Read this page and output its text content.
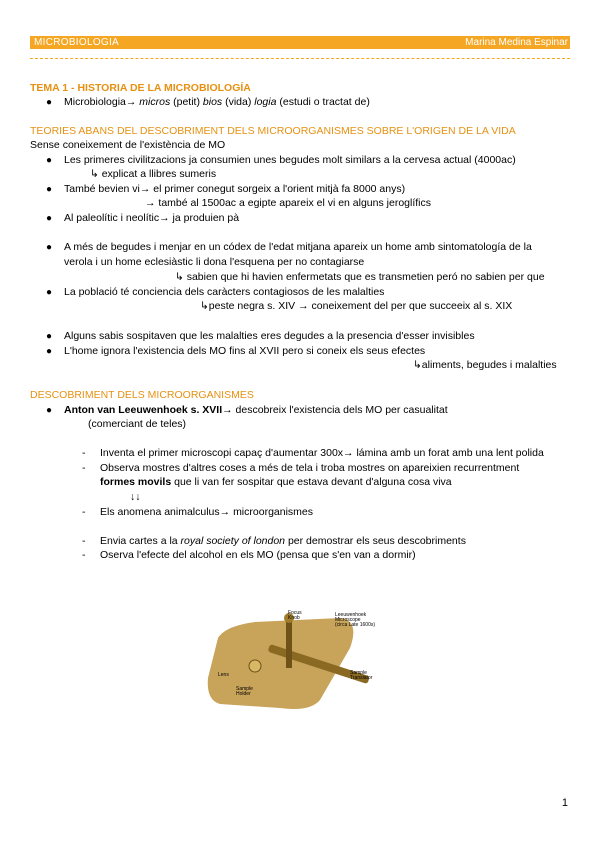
MICROBIOLOGIA	Marina Medina Espinar
TEMA 1 - HISTORIA DE LA MICROBIOLOGÍA
● Microbiologia→ micros (petit) bios (vida) logia (estudi o tractat de)
TEORIES ABANS DEL DESCOBRIMENT DELS MICROORGANISMES SOBRE L'ORIGEN DE LA VIDA
Sense coneixement de l'existència de MO
● Les primeres civilitzacions ja consumien unes begudes molt similars a la cervesa actual (4000ac)
↳ explicat a llibres sumeris
● També bevien vi→ el primer conegut sorgeix a l'orient mitjà fa 8000 anys)
→ també al 1500ac a egipte apareix el vi en alguns jeroglífics
● Al paleolític i neolític→ ja produien pà
● A més de begudes i menjar en un códex de l'edat mitjana apareix un home amb sintomatología de la
verola i un home eclesiàstic li dona l'esquena per no contagiarse
↳ sabien que hi havien enfermetats que es transmetien peró no sabien per que
● La població té conciencia dels caràcters contagiosos de les malalties
↳peste negra s. XIV → coneixement del per que succeeix al s. XIX
● Alguns sabis sospitaven que les malalties eres degudes a la presencia d'esser invisibles
● L'home ignora l'existencia dels MO fins al XVII pero si coneix els seus efectes
↳aliments, begudes i malalties
DESCOBRIMENT DELS MICROORGANISMES
● Anton van Leeuwenhoek s. XVII→ descobreix l'existencia dels MO per casualitat
(comerciant de teles)
- Inventa el primer microscopi capaç d'aumentar 300x→ lámina amb un forat amb una lent polida
- Observa mostres d'altres coses a més de tela i troba mostres on apareixien recurrentment
formes movils que li van fer sospitar que estava devant d'alguna cosa viva
↓↓
- Els anomena animalculus→ microorganismes
- Envia cartes a la royal society of london per demostrar els seus descobriments
- Oserva l'efecte del alcohol en els MO (pensa que s'en van a dormir)
Focus
Knob	Leeuwenhoek
Microscope
(circa Late 1600s)
Lens
Sample
Holder
Sample
Translator
1
